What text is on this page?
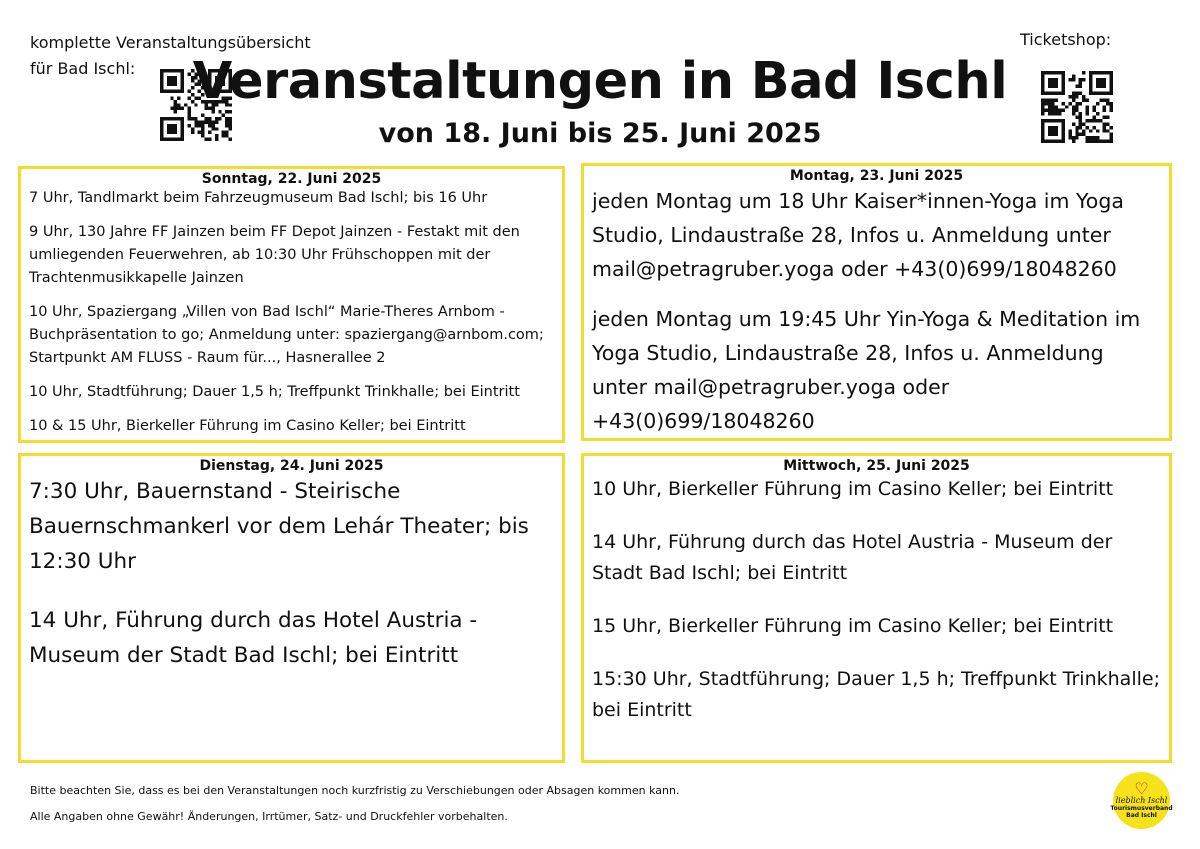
komplette Veranstaltungsübersicht
für Bad Ischl:
Ticketshop:
Veranstaltungen in Bad Ischl
von 18. Juni bis 25. Juni 2025
Sonntag, 22. Juni 2025

7 Uhr, Tandlmarkt beim Fahrzeugmuseum Bad Ischl; bis 16 Uhr

9 Uhr, 130 Jahre FF Jainzen beim FF Depot Jainzen - Festakt mit den umliegenden Feuerwehren, ab 10:30 Uhr Frühschoppen mit der Trachtenmusikkapelle Jainzen

10 Uhr, Spaziergang „Villen von Bad Ischl“ Marie-Theres Arnbom - Buchpräsentation to go; Anmeldung unter: spaziergang@arnbom.com; Startpunkt AM FLUSS - Raum für..., Hasnerallee 2

10 Uhr, Stadtführung; Dauer 1,5 h; Treffpunkt Trinkhalle; bei Eintritt

10 & 15 Uhr, Bierkeller Führung im Casino Keller; bei Eintritt

Montag, 23. Juni 2025

jeden Montag um 18 Uhr Kaiser*innen-Yoga im Yoga Studio, Lindaustraße 28, Infos u. Anmeldung unter mail@petragruber.yoga oder +43(0)699/18048260

jeden Montag um 19:45 Uhr Yin-Yoga & Meditation im Yoga Studio, Lindaustraße 28, Infos u. Anmeldung unter mail@petragruber.yoga oder +43(0)699/18048260

Dienstag, 24. Juni 2025

7:30 Uhr, Bauernstand - Steirische Bauernschmankerl vor dem Lehár Theater; bis 12:30 Uhr

14 Uhr, Führung durch das Hotel Austria - Museum der Stadt Bad Ischl; bei Eintritt

Mittwoch, 25. Juni 2025

10 Uhr, Bierkeller Führung im Casino Keller; bei Eintritt

14 Uhr, Führung durch das Hotel Austria - Museum der Stadt Bad Ischl; bei Eintritt

15 Uhr, Bierkeller Führung im Casino Keller; bei Eintritt

15:30 Uhr, Stadtführung; Dauer 1,5 h; Treffpunkt Trinkhalle; bei Eintritt

Bitte beachten Sie, dass es bei den Veranstaltungen noch kurzfristig zu Verschiebungen oder Absagen kommen kann.
Alle Angaben ohne Gewähr! Änderungen, Irrtümer, Satz- und Druckfehler vorbehalten.
♡
lieblich Ischl
Tourismusverband
Bad Ischl
